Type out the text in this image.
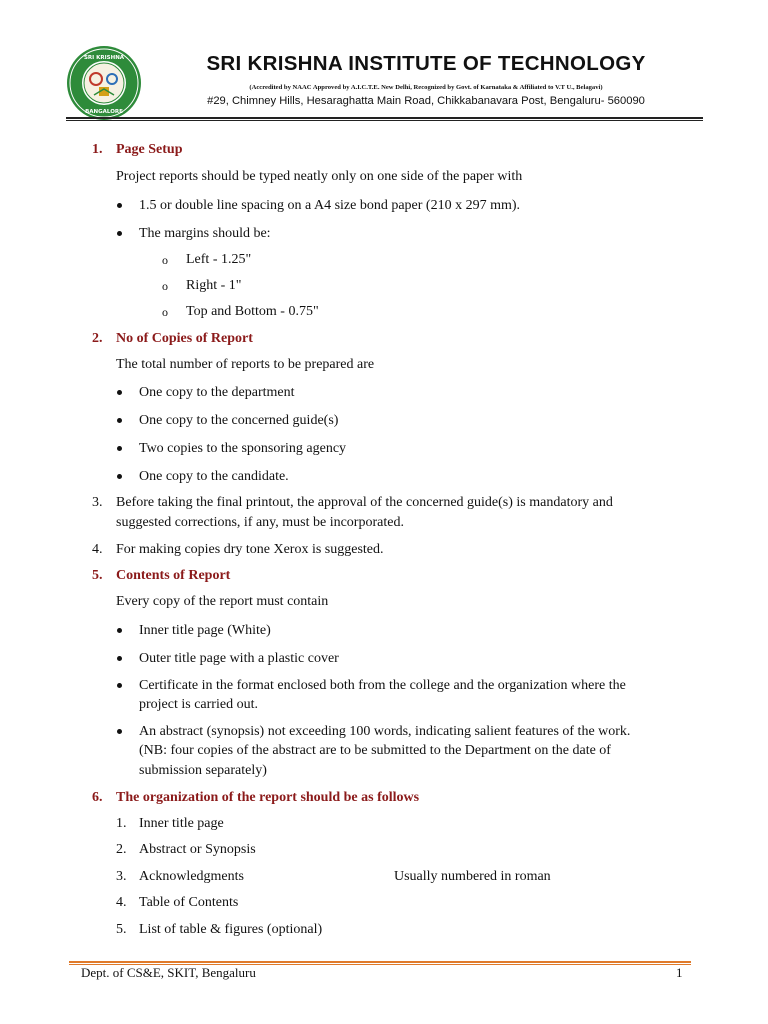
SRI KRISHNA
BANGALORE
SRI KRISHNA INSTITUTE OF TECHNOLOGY
(Accredited by NAAC Approved by A.I.C.T.E. New Delhi, Recognized by Govt. of Karnataka & Affiliated to V.T U., Belagavi)
#29, Chimney Hills, Hesaraghatta Main Road, Chikkabanavara Post, Bengaluru- 560090
1. Page Setup
Project reports should be typed neatly only on one side of the paper with
1.5 or double line spacing on a A4 size bond paper (210 x 297 mm).
The margins should be:
o Left - 1.25"
o Right - 1"
o Top and Bottom - 0.75"
2. No of Copies of Report
The total number of reports to be prepared are
One copy to the department
One copy to the concerned guide(s)
Two copies to the sponsoring agency
One copy to the candidate.
3. Before taking the final printout, the approval of the concerned guide(s) is mandatory and
suggested corrections, if any, must be incorporated.
4. For making copies dry tone Xerox is suggested.
5. Contents of Report
Every copy of the report must contain
Inner title page (White)
Outer title page with a plastic cover
Certificate in the format enclosed both from the college and the organization where the
project is carried out.
An abstract (synopsis) not exceeding 100 words, indicating salient features of the work.
(NB: four copies of the abstract are to be submitted to the Department on the date of
submission separately)
6. The organization of the report should be as follows
1. Inner title page
2. Abstract or Synopsis
3. Acknowledgments	Usually numbered in roman
4. Table of Contents
5. List of table & figures (optional)
Dept. of CS&E, SKIT, Bengaluru	1
